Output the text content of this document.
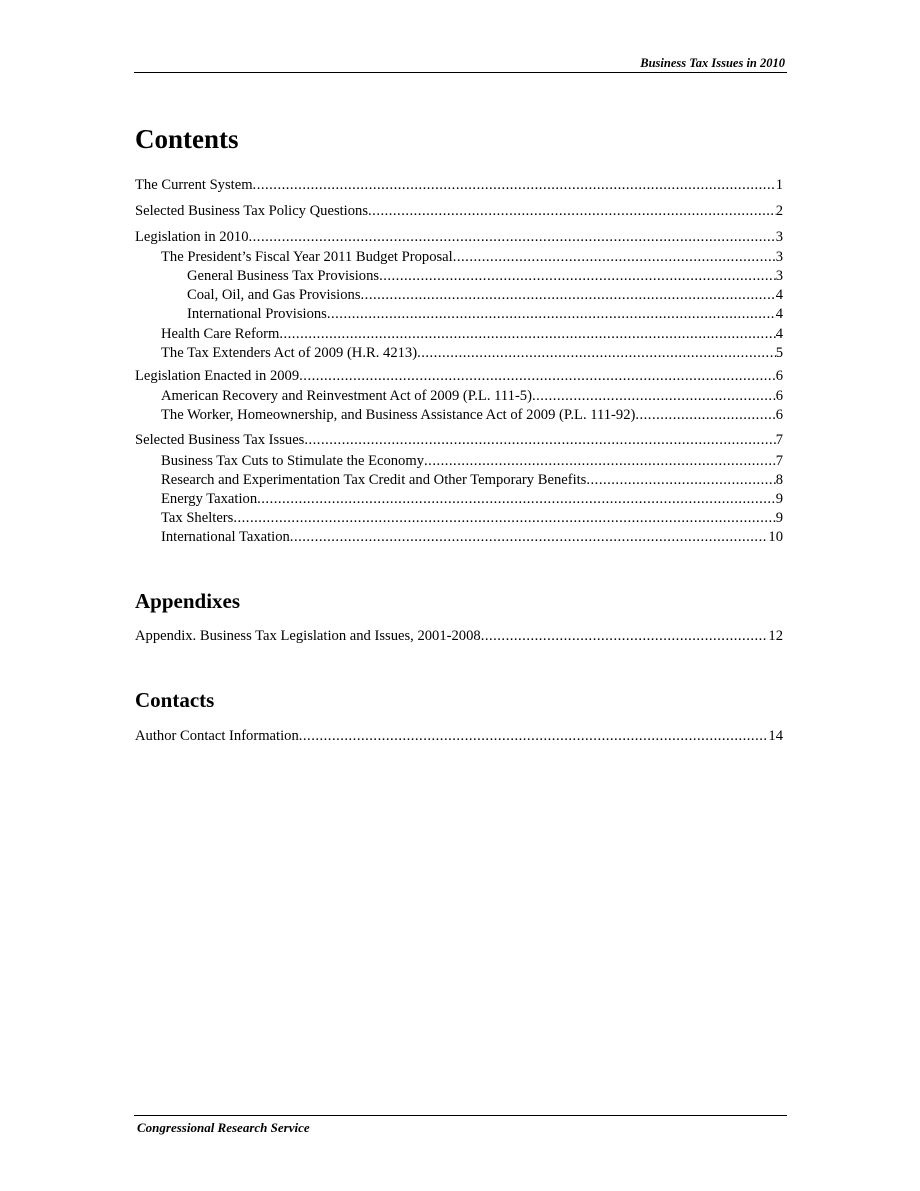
Business Tax Issues in 2010
Contents
The Current System .....	1
Selected Business Tax Policy Questions .....	2
Legislation in 2010 .....	3
The President’s Fiscal Year 2011 Budget Proposal .....	3
General Business Tax Provisions .....	3
Coal, Oil, and Gas Provisions .....	4
International Provisions .....	4
Health Care Reform .....	4
The Tax Extenders Act of 2009 (H.R. 4213) .....	5
Legislation Enacted in 2009 .....	6
American Recovery and Reinvestment Act of 2009 (P.L. 111-5) .....	6
The Worker, Homeownership, and Business Assistance Act of 2009 (P.L. 111-92) .....	6
Selected Business Tax Issues .....	7
Business Tax Cuts to Stimulate the Economy .....	7
Research and Experimentation Tax Credit and Other Temporary Benefits .....	8
Energy Taxation .....	9
Tax Shelters .....	9
International Taxation .....	10
Appendixes
Appendix. Business Tax Legislation and Issues, 2001-2008 .....	12
Contacts
Author Contact Information .....	14
Congressional Research Service
